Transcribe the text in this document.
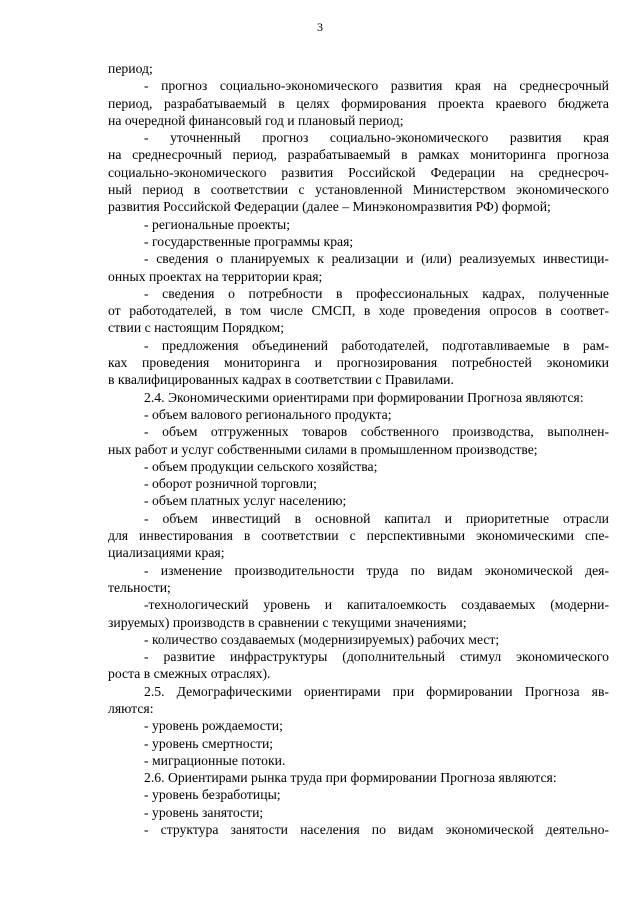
3
период;
- прогноз социально-экономического развития края на среднесрочный
период, разрабатываемый в целях формирования проекта краевого бюджета
на очередной финансовый год и плановый период;
- уточненный прогноз социально-экономического развития края
на среднесрочный период, разрабатываемый в рамках мониторинга прогноза
социально-экономического развития Российской Федерации на среднесроч-
ный период в соответствии с установленной Министерством экономического
развития Российской Федерации (далее – Минэкономразвития РФ) формой;
- региональные проекты;
- государственные программы края;
- сведения о планируемых к реализации и (или) реализуемых инвестици-
онных проектах на территории края;
- сведения о потребности в профессиональных кадрах, полученные
от работодателей, в том числе СМСП, в ходе проведения опросов в соответ-
ствии с настоящим Порядком;
- предложения объединений работодателей, подготавливаемые в рам-
ках проведения мониторинга и прогнозирования потребностей экономики
в квалифицированных кадрах в соответствии с Правилами.
2.4. Экономическими ориентирами при формировании Прогноза являются:
- объем валового регионального продукта;
- объем отгруженных товаров собственного производства, выполнен-
ных работ и услуг собственными силами в промышленном производстве;
- объем продукции сельского хозяйства;
- оборот розничной торговли;
- объем платных услуг населению;
- объем инвестиций в основной капитал и приоритетные отрасли
для инвестирования в соответствии с перспективными экономическими спе-
циализациями края;
- изменение производительности труда по видам экономической дея-
тельности;
-технологический уровень и капиталоемкость создаваемых (модерни-
зируемых) производств в сравнении с текущими значениями;
- количество создаваемых (модернизируемых) рабочих мест;
- развитие инфраструктуры (дополнительный стимул экономического
роста в смежных отраслях).
2.5. Демографическими ориентирами при формировании Прогноза яв-
ляются:
- уровень рождаемости;
- уровень смертности;
- миграционные потоки.
2.6. Ориентирами рынка труда при формировании Прогноза являются:
- уровень безработицы;
- уровень занятости;
- структура занятости населения по видам экономической деятельно-
